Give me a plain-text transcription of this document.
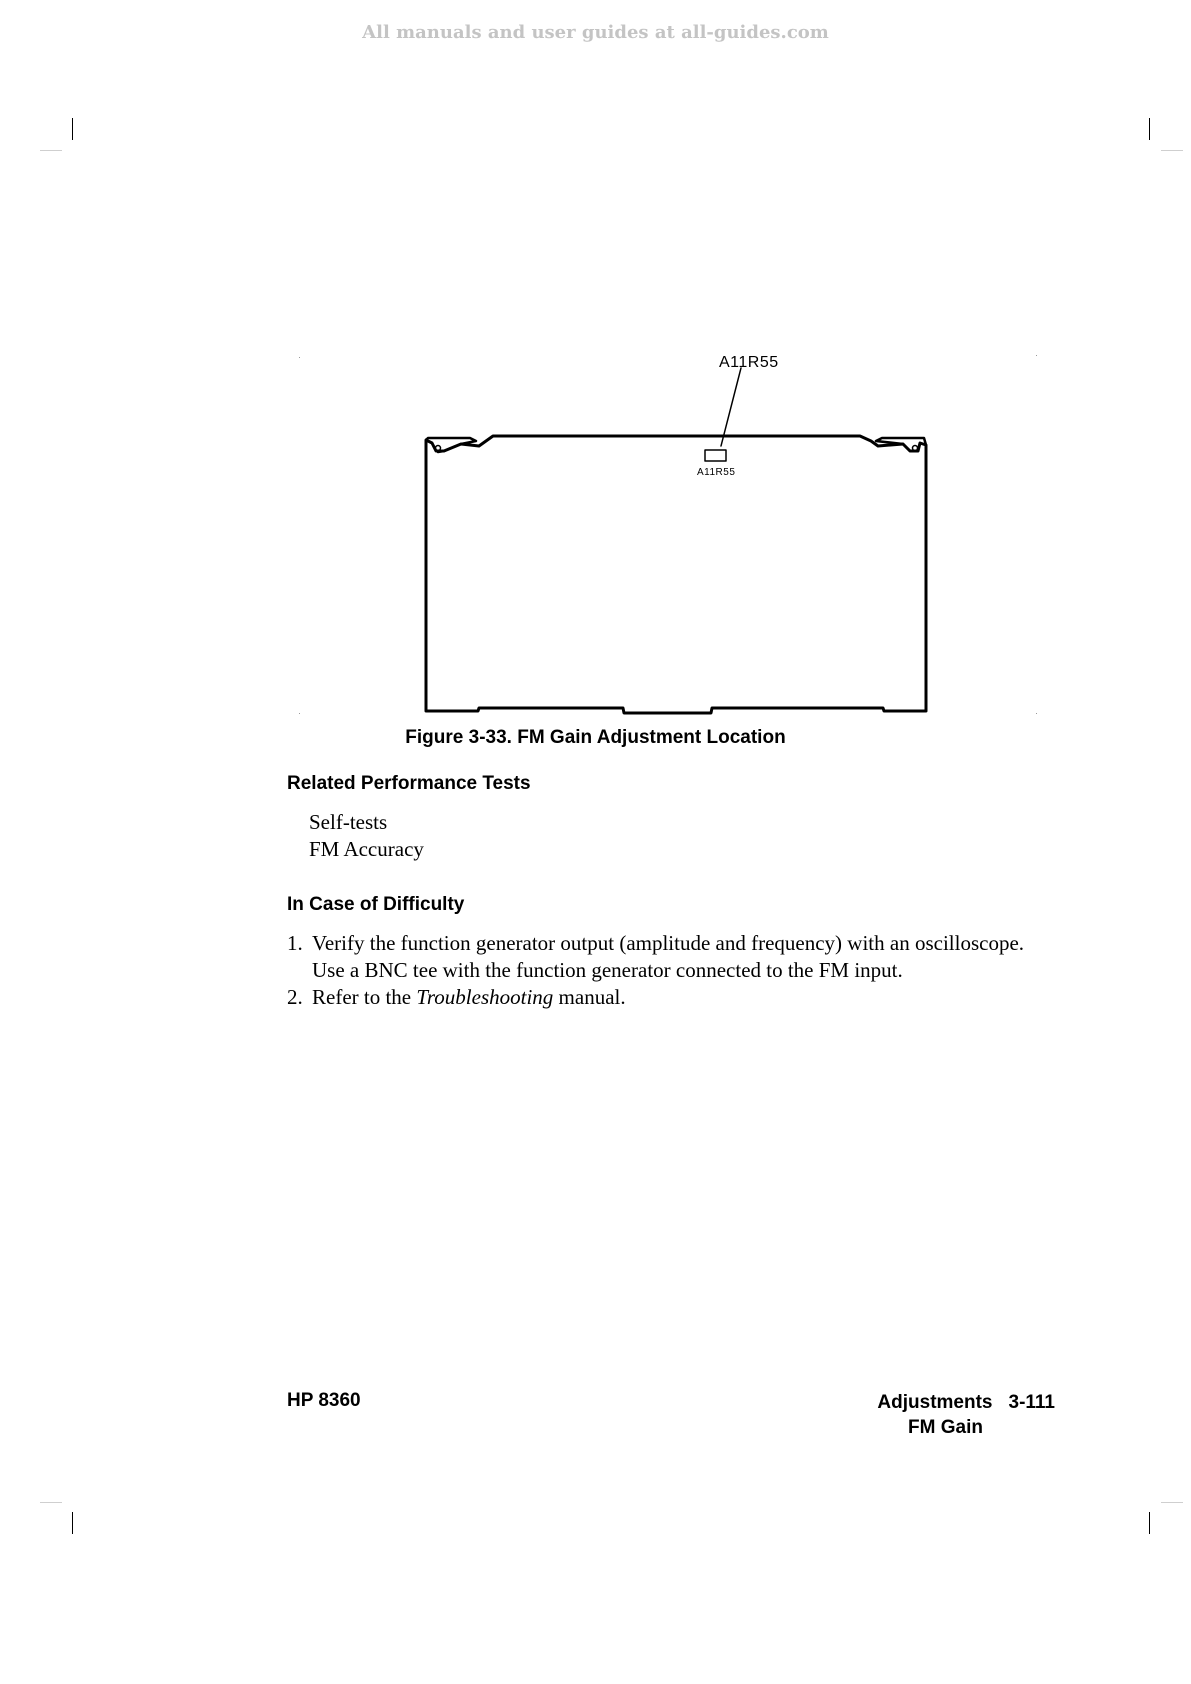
All manuals and user guides at all-guides.com
A11R55
A11R55
Figure 3-33. FM Gain Adjustment Location
Related Performance Tests
Self-tests
FM Accuracy
In Case of Difficulty
1. Verify the function generator output (amplitude and frequency) with an oscilloscope. Use a BNC tee with the function generator connected to the FM input.
2. Refer to the Troubleshooting manual.
HP 8360	Adjustments 3-111
FM Gain
